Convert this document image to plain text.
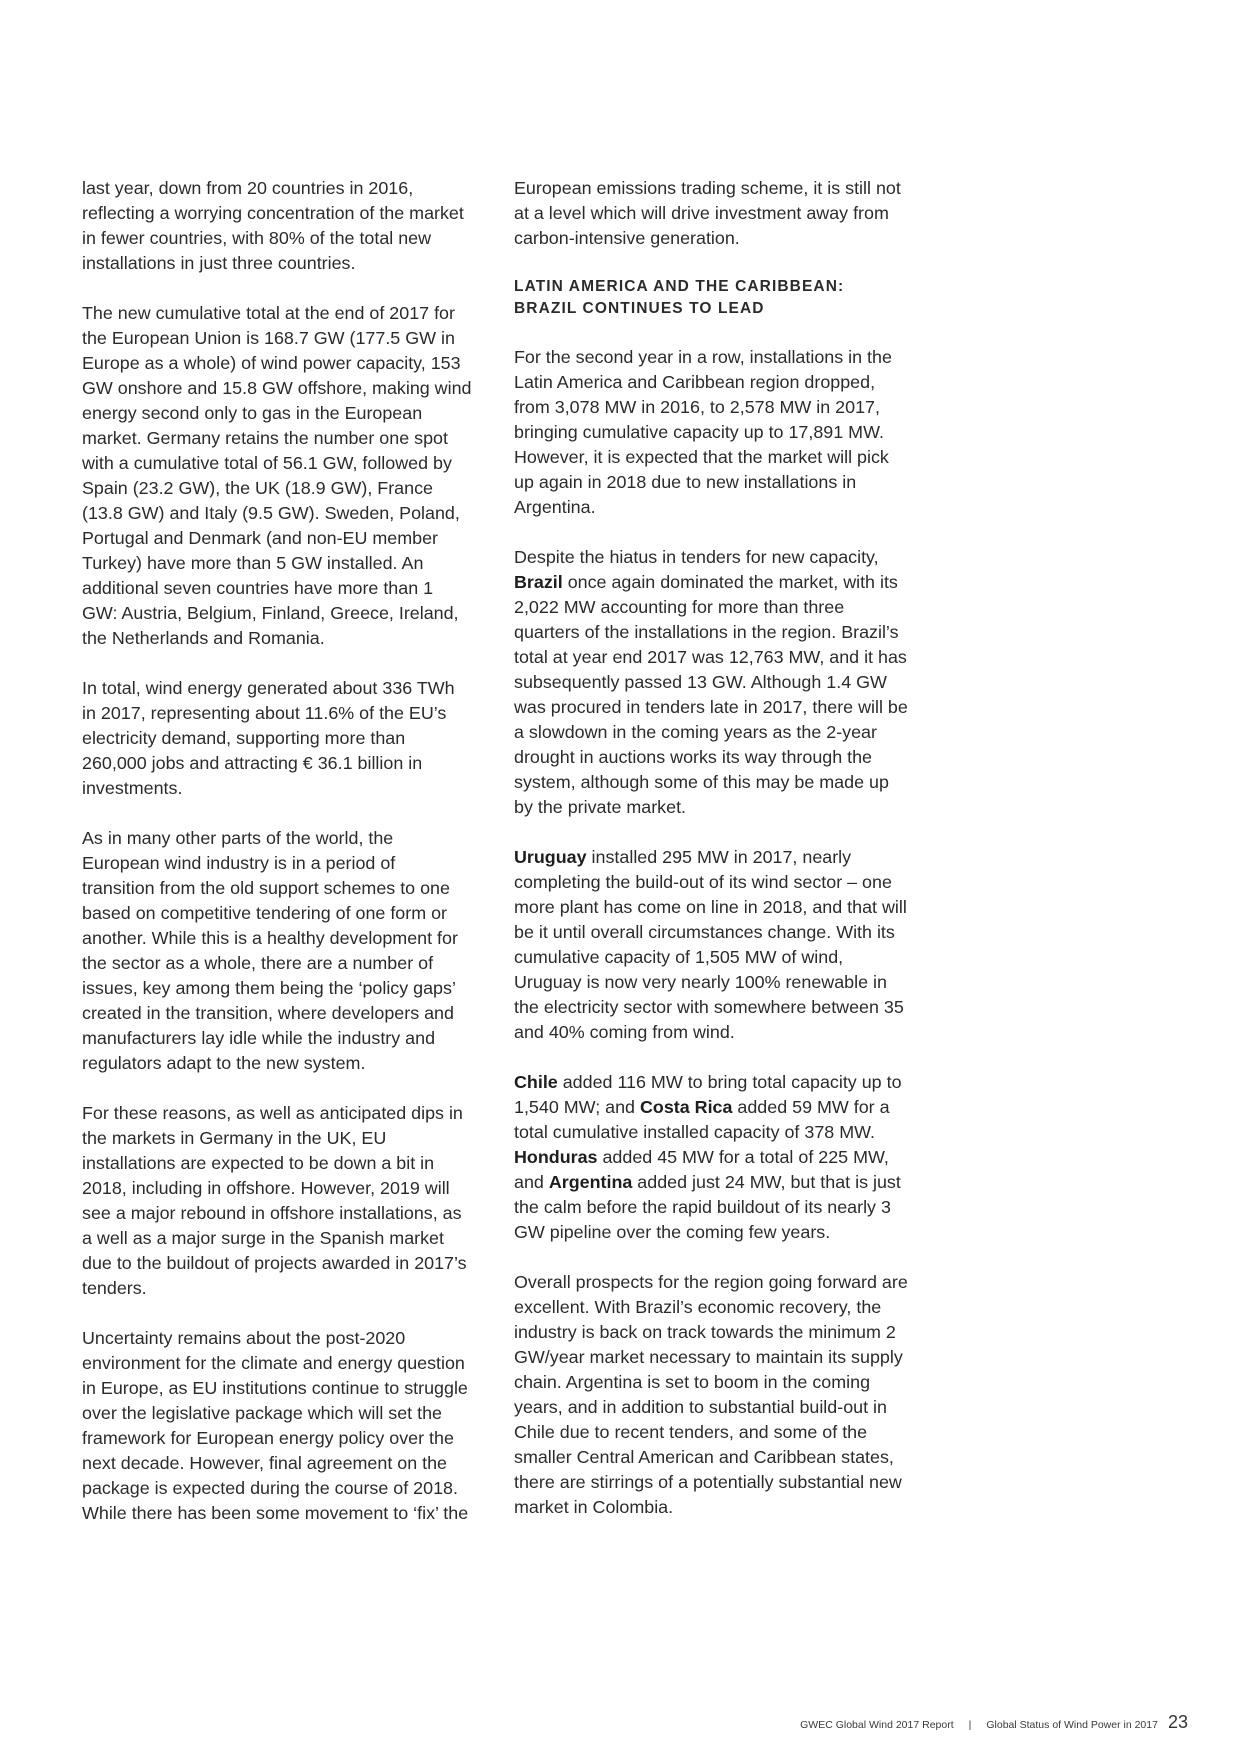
last year, down from 20 countries in 2016, reflecting a worrying concentration of the market in fewer countries, with 80% of the total new installations in just three countries.

The new cumulative total at the end of 2017 for the European Union is 168.7 GW (177.5 GW in Europe as a whole) of wind power capacity, 153 GW onshore and 15.8 GW offshore, making wind energy second only to gas in the European market. Germany retains the number one spot with a cumulative total of 56.1 GW, followed by Spain (23.2 GW), the UK (18.9 GW), France (13.8 GW) and Italy (9.5 GW). Sweden, Poland, Portugal and Denmark (and non-EU member Turkey) have more than 5 GW installed. An additional seven countries have more than 1 GW: Austria, Belgium, Finland, Greece, Ireland, the Netherlands and Romania.

In total, wind energy generated about 336 TWh in 2017, representing about 11.6% of the EU’s electricity demand, supporting more than 260,000 jobs and attracting € 36.1 billion in investments.

As in many other parts of the world, the European wind industry is in a period of transition from the old support schemes to one based on competitive tendering of one form or another. While this is a healthy development for the sector as a whole, there are a number of issues, key among them being the ‘policy gaps’ created in the transition, where developers and manufacturers lay idle while the industry and regulators adapt to the new system.

For these reasons, as well as anticipated dips in the markets in Germany in the UK, EU installations are expected to be down a bit in 2018, including in offshore. However, 2019 will see a major rebound in offshore installations, as a well as a major surge in the Spanish market due to the buildout of projects awarded in 2017’s tenders.

Uncertainty remains about the post-2020 environment for the climate and energy question in Europe, as EU institutions continue to struggle over the legislative package which will set the framework for European energy policy over the next decade. However, final agreement on the package is expected during the course of 2018. While there has been some movement to ‘fix’ the

European emissions trading scheme, it is still not at a level which will drive investment away from carbon-intensive generation.

LATIN AMERICA AND THE CARIBBEAN:
BRAZIL CONTINUES TO LEAD

For the second year in a row, installations in the Latin America and Caribbean region dropped, from 3,078 MW in 2016, to 2,578 MW in 2017, bringing cumulative capacity up to 17,891 MW. However, it is expected that the market will pick up again in 2018 due to new installations in Argentina.

Despite the hiatus in tenders for new capacity, Brazil once again dominated the market, with its 2,022 MW accounting for more than three quarters of the installations in the region. Brazil’s total at year end 2017 was 12,763 MW, and it has subsequently passed 13 GW. Although 1.4 GW was procured in tenders late in 2017, there will be a slowdown in the coming years as the 2-year drought in auctions works its way through the system, although some of this may be made up by the private market.

Uruguay installed 295 MW in 2017, nearly completing the build-out of its wind sector – one more plant has come on line in 2018, and that will be it until overall circumstances change. With its cumulative capacity of 1,505 MW of wind, Uruguay is now very nearly 100% renewable in the electricity sector with somewhere between 35 and 40% coming from wind.

Chile added 116 MW to bring total capacity up to 1,540 MW; and Costa Rica added 59 MW for a total cumulative installed capacity of 378 MW. Honduras added 45 MW for a total of 225 MW, and Argentina added just 24 MW, but that is just the calm before the rapid buildout of its nearly 3 GW pipeline over the coming few years.

Overall prospects for the region going forward are excellent. With Brazil’s economic recovery, the industry is back on track towards the minimum 2 GW/year market necessary to maintain its supply chain. Argentina is set to boom in the coming years, and in addition to substantial build-out in Chile due to recent tenders, and some of the smaller Central American and Caribbean states, there are stirrings of a potentially substantial new market in Colombia.

GWEC Global Wind 2017 Report | Global Status of Wind Power in 2017 23
